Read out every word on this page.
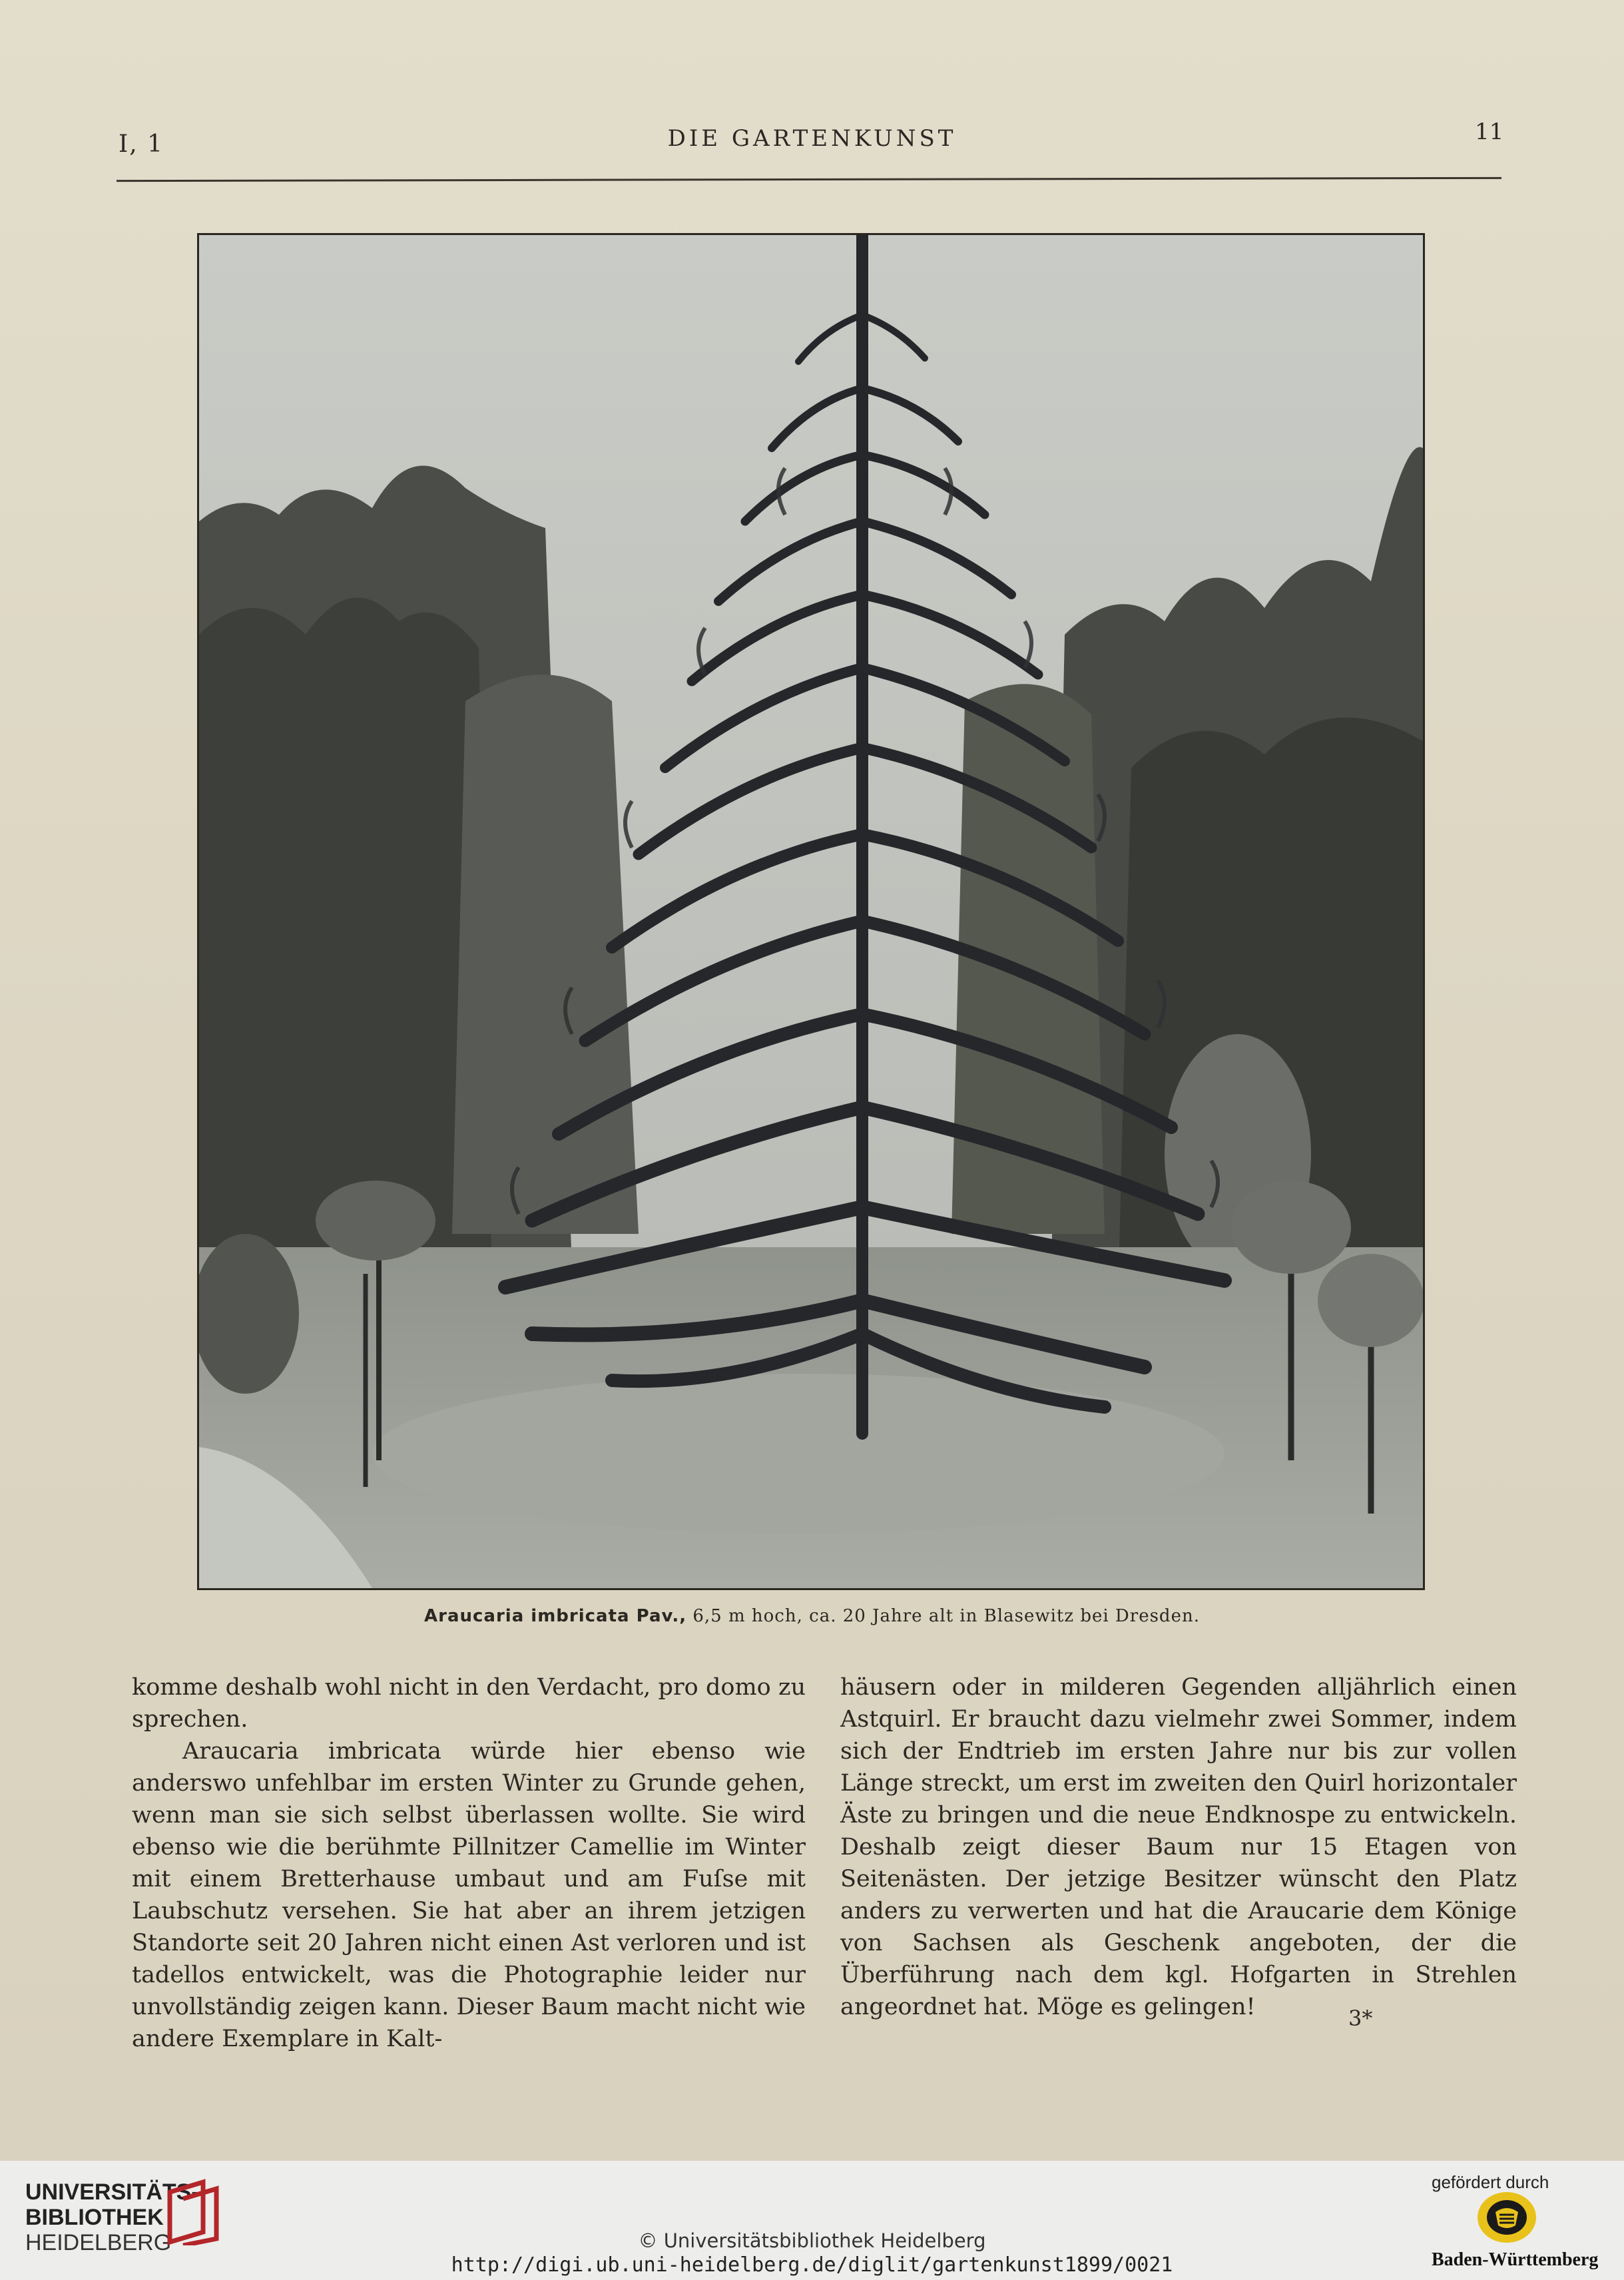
I, 1	DIE GARTENKUNST	11
Araucaria imbricata Pav., 6,5 m hoch, ca. 20 Jahre alt in Blasewitz bei Dresden.

komme deshalb wohl nicht in den Verdacht, pro domo zu sprechen.

Araucaria imbricata würde hier ebenso wie anderswo unfehlbar im ersten Winter zu Grunde gehen, wenn man sie sich selbst überlassen wollte. Sie wird ebenso wie die berühmte Pillnitzer Camellie im Winter mit einem Bretterhause umbaut und am Fuſse mit Laubschutz versehen. Sie hat aber an ihrem jetzigen Standorte seit 20 Jahren nicht einen Ast verloren und ist tadellos entwickelt, was die Photographie leider nur unvollständig zeigen kann. Dieser Baum macht nicht wie andere Exemplare in Kalt-

häusern oder in milderen Gegenden alljährlich einen Astquirl. Er braucht dazu vielmehr zwei Sommer, indem sich der Endtrieb im ersten Jahre nur bis zur vollen Länge streckt, um erst im zweiten den Quirl horizontaler Äste zu bringen und die neue Endknospe zu entwickeln. Deshalb zeigt dieser Baum nur 15 Etagen von Seitenästen. Der jetzige Besitzer wünscht den Platz anders zu verwerten und hat die Araucarie dem Könige von Sachsen als Geschenk angeboten, der die Überführung nach dem kgl. Hofgarten in Strehlen angeordnet hat. Möge es gelingen!	3*
UNIVERSITÄTS-
BIBLIOTHEK
HEIDELBERG	© Universitätsbibliothek Heidelberg
http://digi.ub.uni-heidelberg.de/diglit/gartenkunst1899/0021
gefördert durch
Baden-Württemberg
